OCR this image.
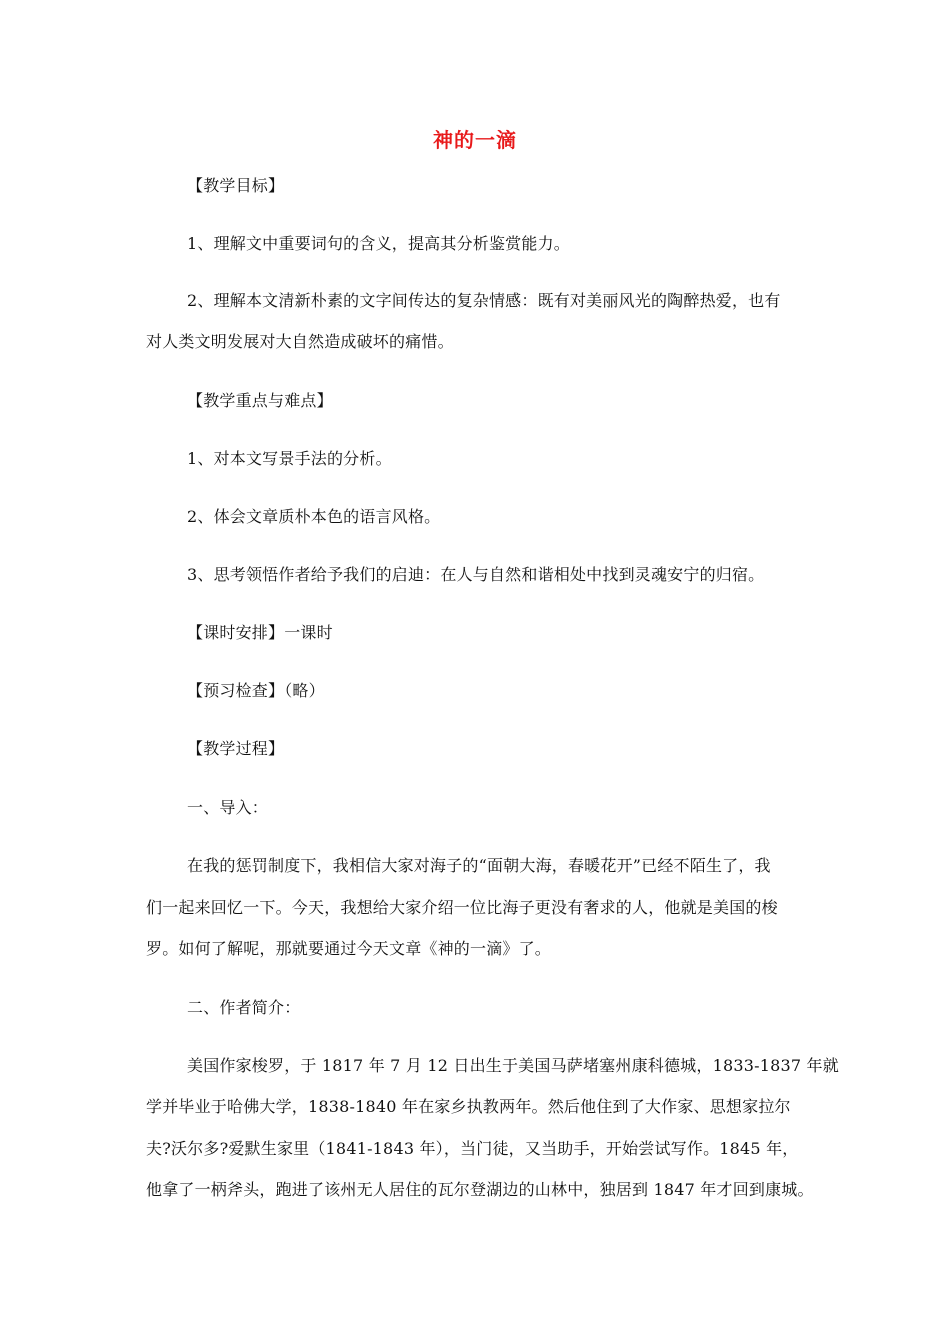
神的一滴
【教学目标】
1、理解文中重要词句的含义，提高其分析鉴赏能力。
2、理解本文清新朴素的文字间传达的复杂情感：既有对美丽风光的陶醉热爱，也有
对人类文明发展对大自然造成破坏的痛惜。
【教学重点与难点】
1、对本文写景手法的分析。
2、体会文章质朴本色的语言风格。
3、思考领悟作者给予我们的启迪：在人与自然和谐相处中找到灵魂安宁的归宿。
【课时安排】一课时
【预习检查】（略）
【教学过程】
一、导入：
在我的惩罚制度下，我相信大家对海子的“面朝大海，春暖花开”已经不陌生了，我
们一起来回忆一下。今天，我想给大家介绍一位比海子更没有奢求的人，他就是美国的梭
罗。如何了解呢，那就要通过今天文章《神的一滴》了。
二、作者简介：
美国作家梭罗，于 1817 年 7 月 12 日出生于美国马萨堵塞州康科德城，1833-1837 年就
学并毕业于哈佛大学，1838-1840 年在家乡执教两年。然后他住到了大作家、思想家拉尔
夫?沃尔多?爱默生家里（1841-1843 年），当门徒，又当助手，开始尝试写作。1845 年，
他拿了一柄斧头，跑进了该州无人居住的瓦尔登湖边的山林中，独居到 1847 年才回到康城。
